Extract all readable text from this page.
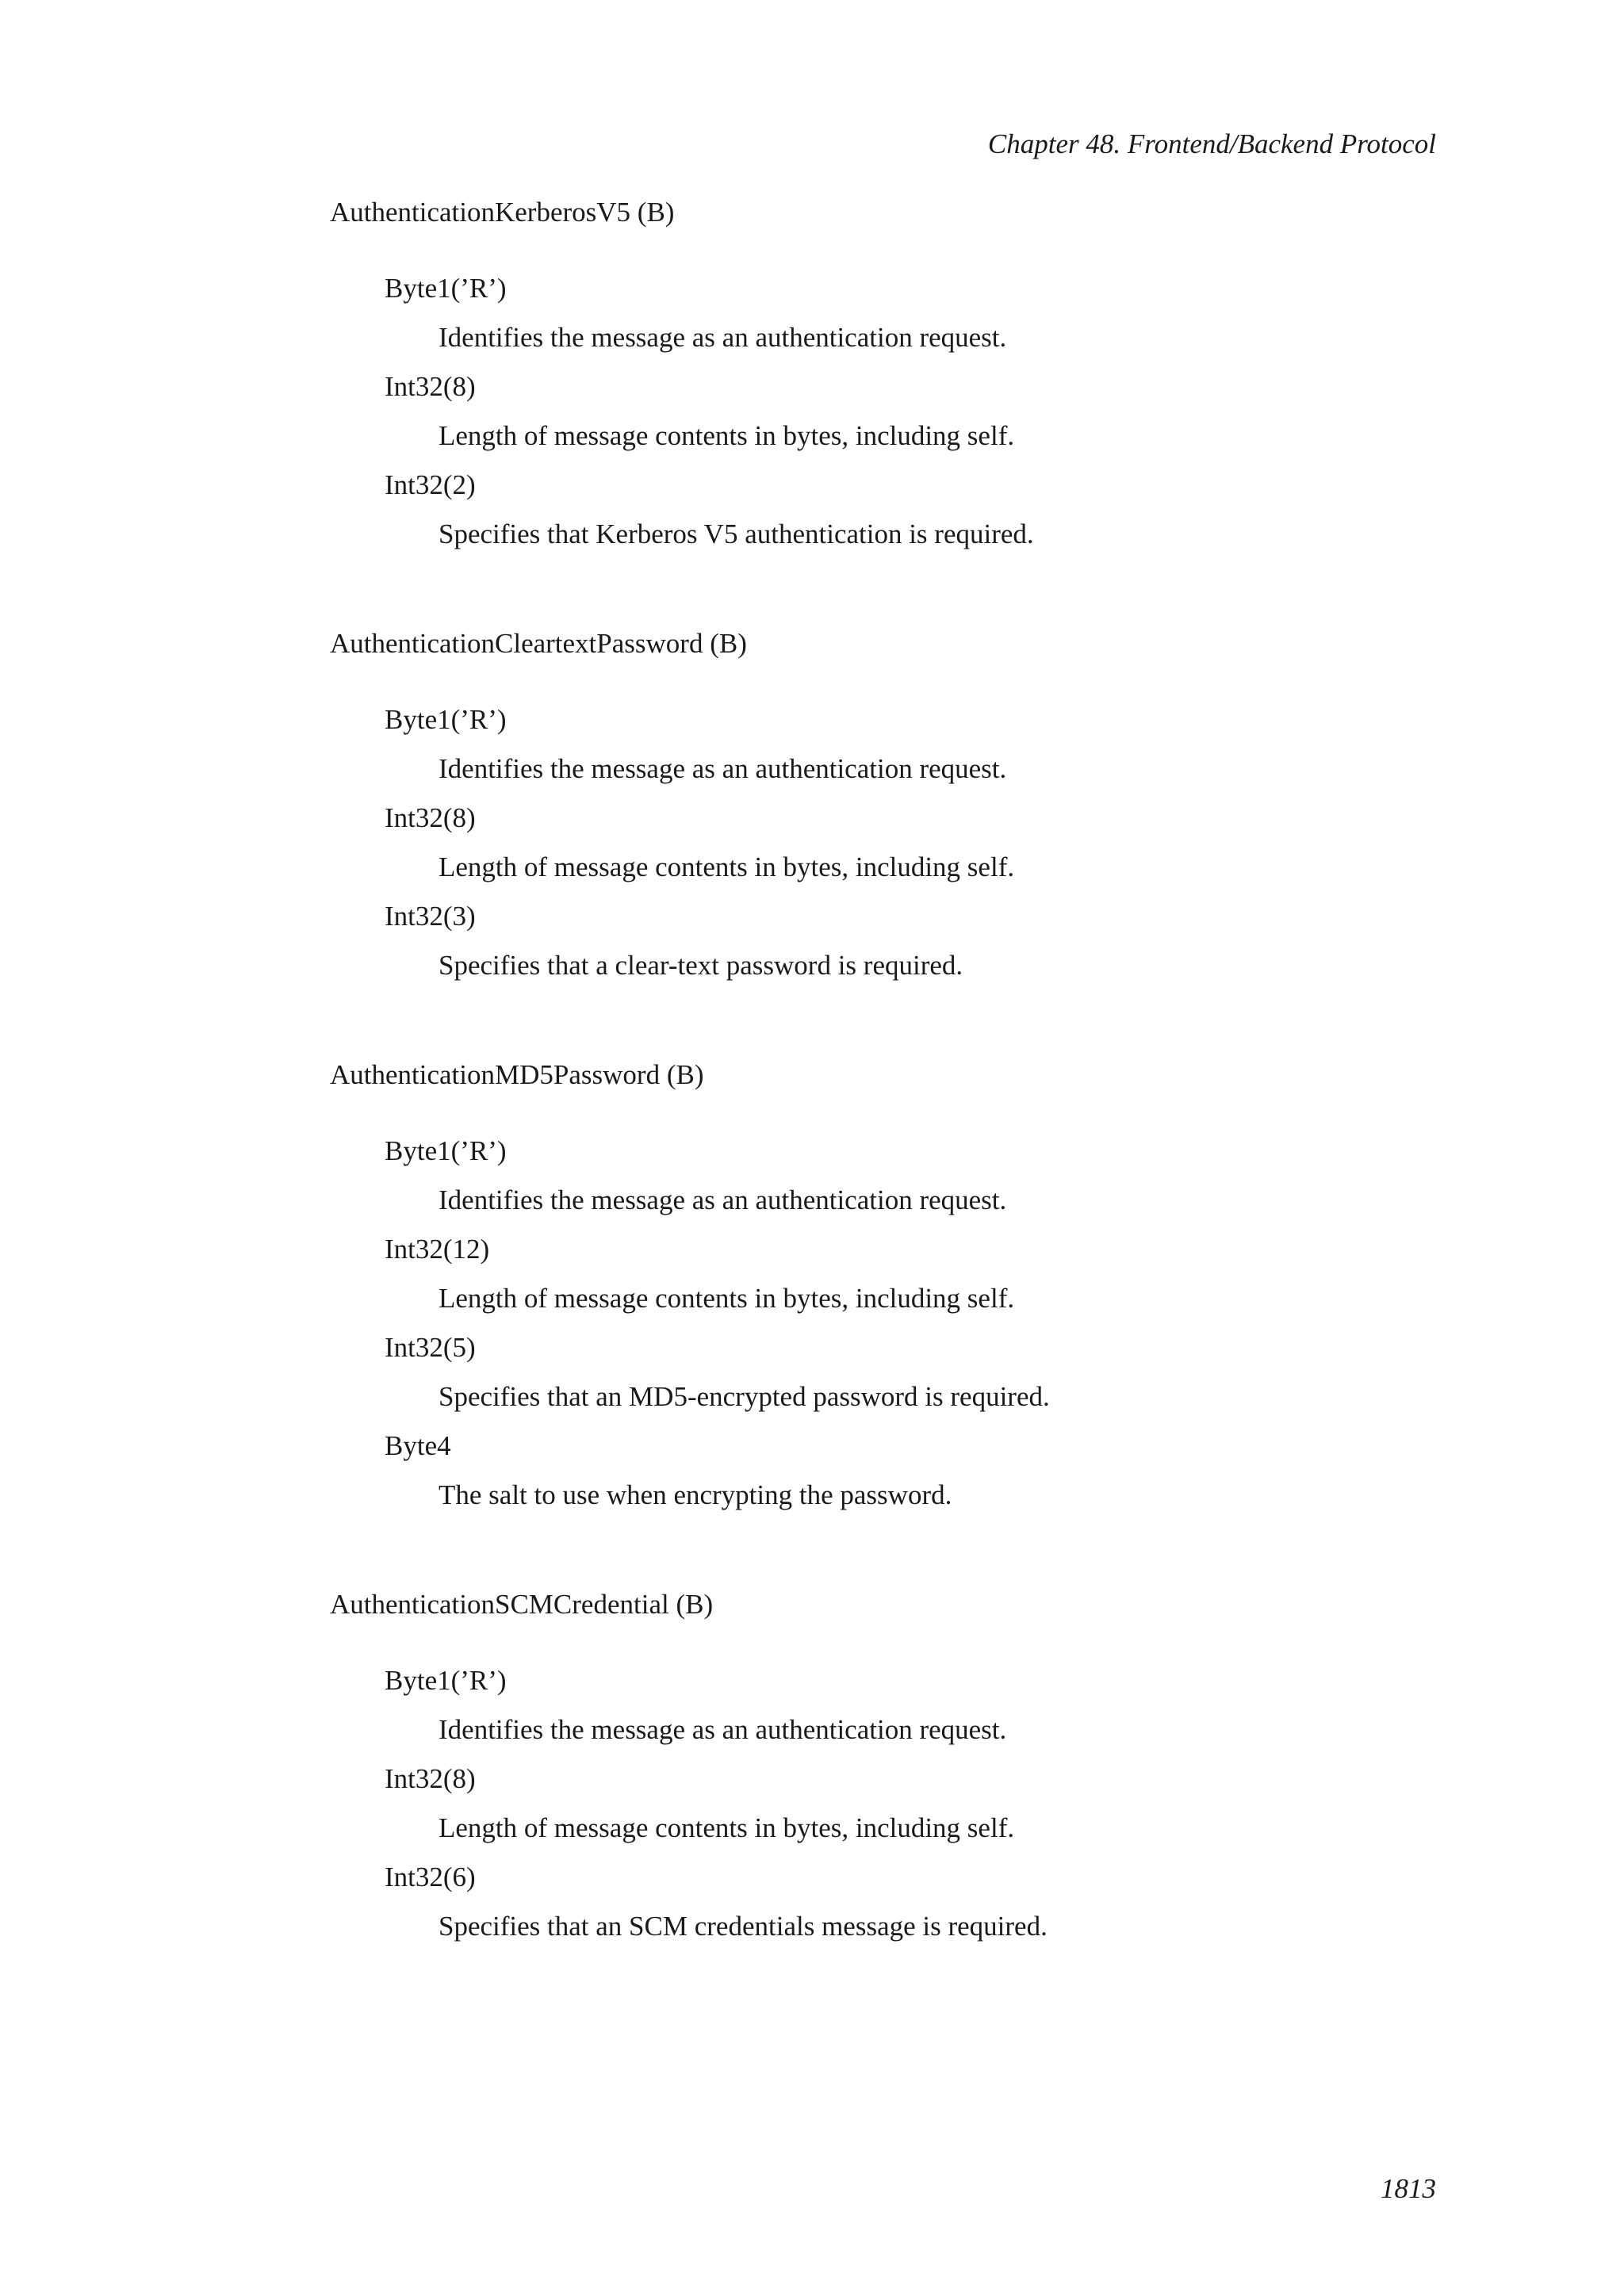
Chapter 48. Frontend/Backend Protocol
AuthenticationKerberosV5 (B)
Byte1(’R’)
Identifies the message as an authentication request.
Int32(8)
Length of message contents in bytes, including self.
Int32(2)
Specifies that Kerberos V5 authentication is required.
AuthenticationCleartextPassword (B)
Byte1(’R’)
Identifies the message as an authentication request.
Int32(8)
Length of message contents in bytes, including self.
Int32(3)
Specifies that a clear-text password is required.
AuthenticationMD5Password (B)
Byte1(’R’)
Identifies the message as an authentication request.
Int32(12)
Length of message contents in bytes, including self.
Int32(5)
Specifies that an MD5-encrypted password is required.
Byte4
The salt to use when encrypting the password.
AuthenticationSCMCredential (B)
Byte1(’R’)
Identifies the message as an authentication request.
Int32(8)
Length of message contents in bytes, including self.
Int32(6)
Specifies that an SCM credentials message is required.
1813
